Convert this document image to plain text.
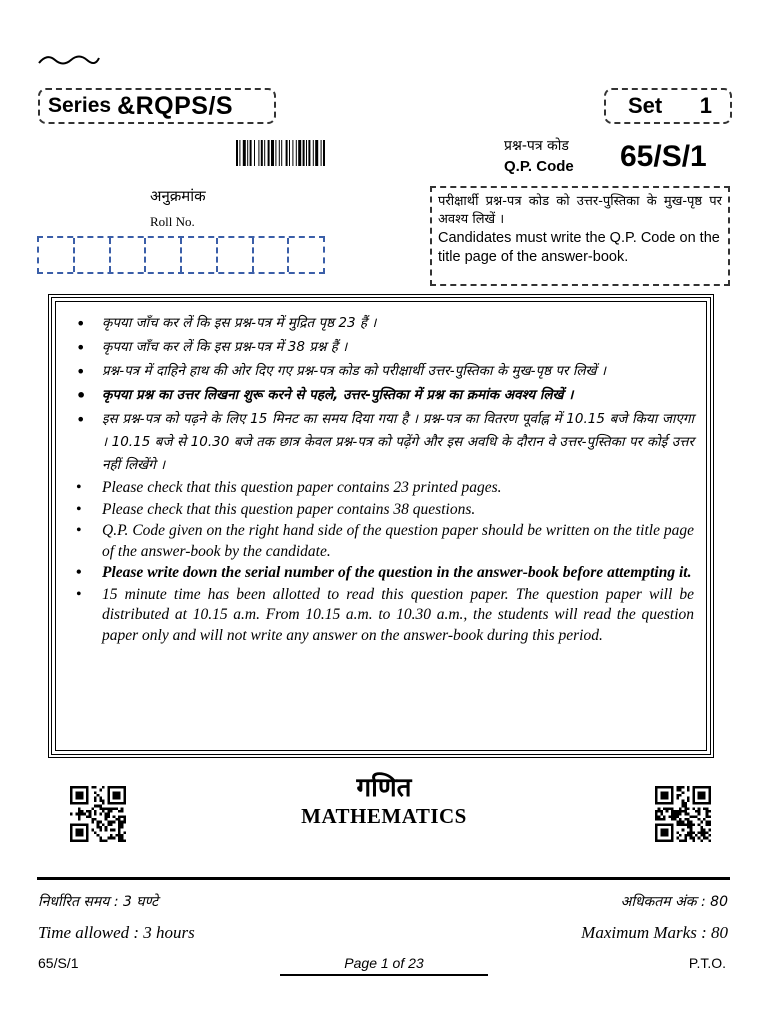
Series &RQPS/S	Set 1
प्रश्न-पत्र कोड
Q.P. Code 65/S/1
अनुक्रमांक
Roll No.

परीक्षार्थी प्रश्न-पत्र कोड को उत्तर-पुस्तिका के मुख-पृष्ठ पर अवश्य लिखें ।

Candidates must write the Q.P. Code on the title page of the answer-book.

• कृपया जाँच कर लें कि इस प्रश्न-पत्र में मुद्रित पृष्ठ 23 हैं ।
• कृपया जाँच कर लें कि इस प्रश्न-पत्र में 38 प्रश्न हैं ।
• प्रश्न-पत्र में दाहिने हाथ की ओर दिए गए प्रश्न-पत्र कोड को परीक्षार्थी उत्तर-पुस्तिका के मुख-पृष्ठ पर लिखें ।
• कृपया प्रश्न का उत्तर लिखना शुरू करने से पहले, उत्तर-पुस्तिका में प्रश्न का क्रमांक अवश्य लिखें ।
• इस प्रश्न-पत्र को पढ़ने के लिए 15 मिनट का समय दिया गया है । प्रश्न-पत्र का वितरण पूर्वाह्न में 10.15 बजे किया जाएगा । 10.15 बजे से 10.30 बजे तक छात्र केवल प्रश्न-पत्र को पढ़ेंगे और इस अवधि के दौरान वे उत्तर-पुस्तिका पर कोई उत्तर नहीं लिखेंगे ।
• Please check that this question paper contains 23 printed pages.
• Please check that this question paper contains 38 questions.
• Q.P. Code given on the right hand side of the question paper should be written on the title page of the answer-book by the candidate.
• Please write down the serial number of the question in the answer-book before attempting it.
• 15 minute time has been allotted to read this question paper. The question paper will be distributed at 10.15 a.m. From 10.15 a.m. to 10.30 a.m., the students will read the question paper only and will not write any answer on the answer-book during this period.
गणित
MATHEMATICS
निर्धारित समय : 3 घण्टे	अधिकतम अंक : 80
Time allowed : 3 hours	Maximum Marks : 80
65/S/1	Page 1 of 23	P.T.O.
